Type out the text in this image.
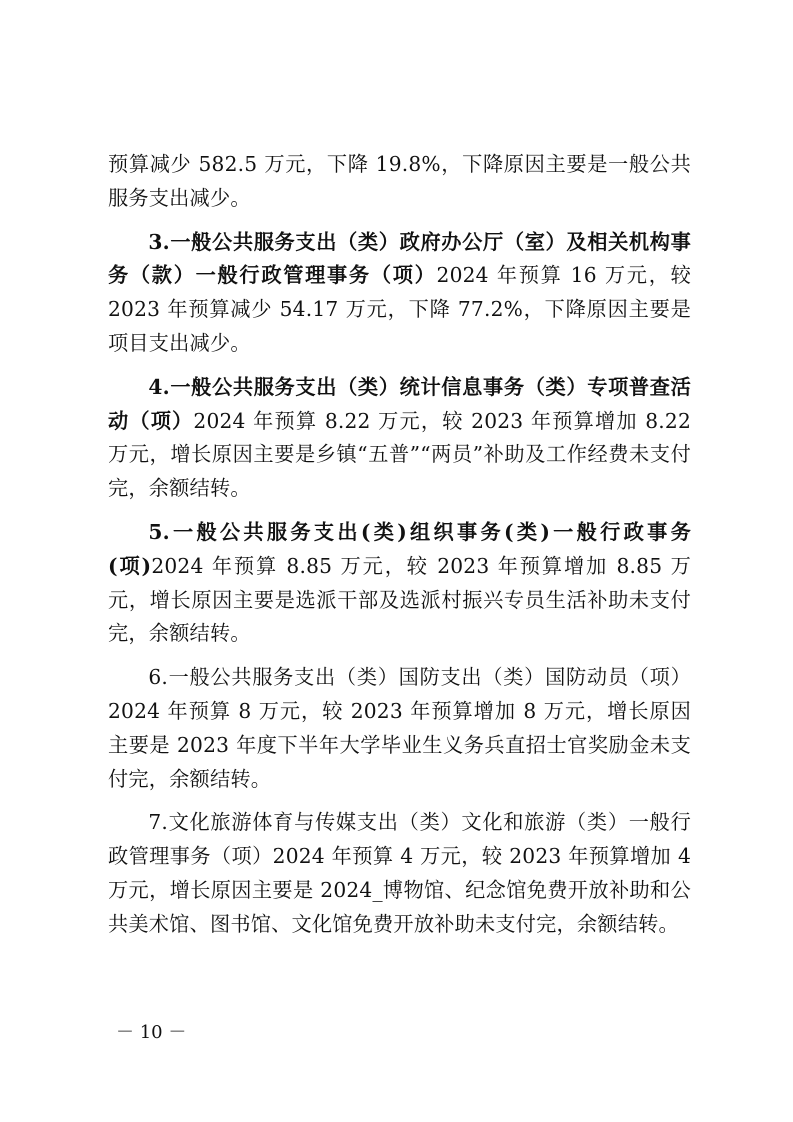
预算减少 582.5 万元，下降 19.8%，下降原因主要是一般公共服务支出减少。

3.一般公共服务支出（类）政府办公厅（室）及相关机构事务（款）一般行政管理事务（项）2024 年预算 16 万元，较 2023 年预算减少 54.17 万元，下降 77.2%，下降原因主要是项目支出减少。

4.一般公共服务支出（类）统计信息事务（类）专项普查活动（项）2024 年预算 8.22 万元，较 2023 年预算增加 8.22 万元，增长原因主要是乡镇“五普”“两员”补助及工作经费未支付完，余额结转。

5.一般公共服务支出(类)组织事务(类)一般行政事务(项)2024 年预算 8.85 万元，较 2023 年预算增加 8.85 万元，增长原因主要是选派干部及选派村振兴专员生活补助未支付完，余额结转。

6.一般公共服务支出（类）国防支出（类）国防动员（项）2024 年预算 8 万元，较 2023 年预算增加 8 万元，增长原因主要是 2023 年度下半年大学毕业生义务兵直招士官奖励金未支付完，余额结转。

7.文化旅游体育与传媒支出（类）文化和旅游（类）一般行政管理事务（项）2024 年预算 4 万元，较 2023 年预算增加 4 万元，增长原因主要是 2024_博物馆、纪念馆免费开放补助和公共美术馆、图书馆、文化馆免费开放补助未支付完，余额结转。

－ 10 －
